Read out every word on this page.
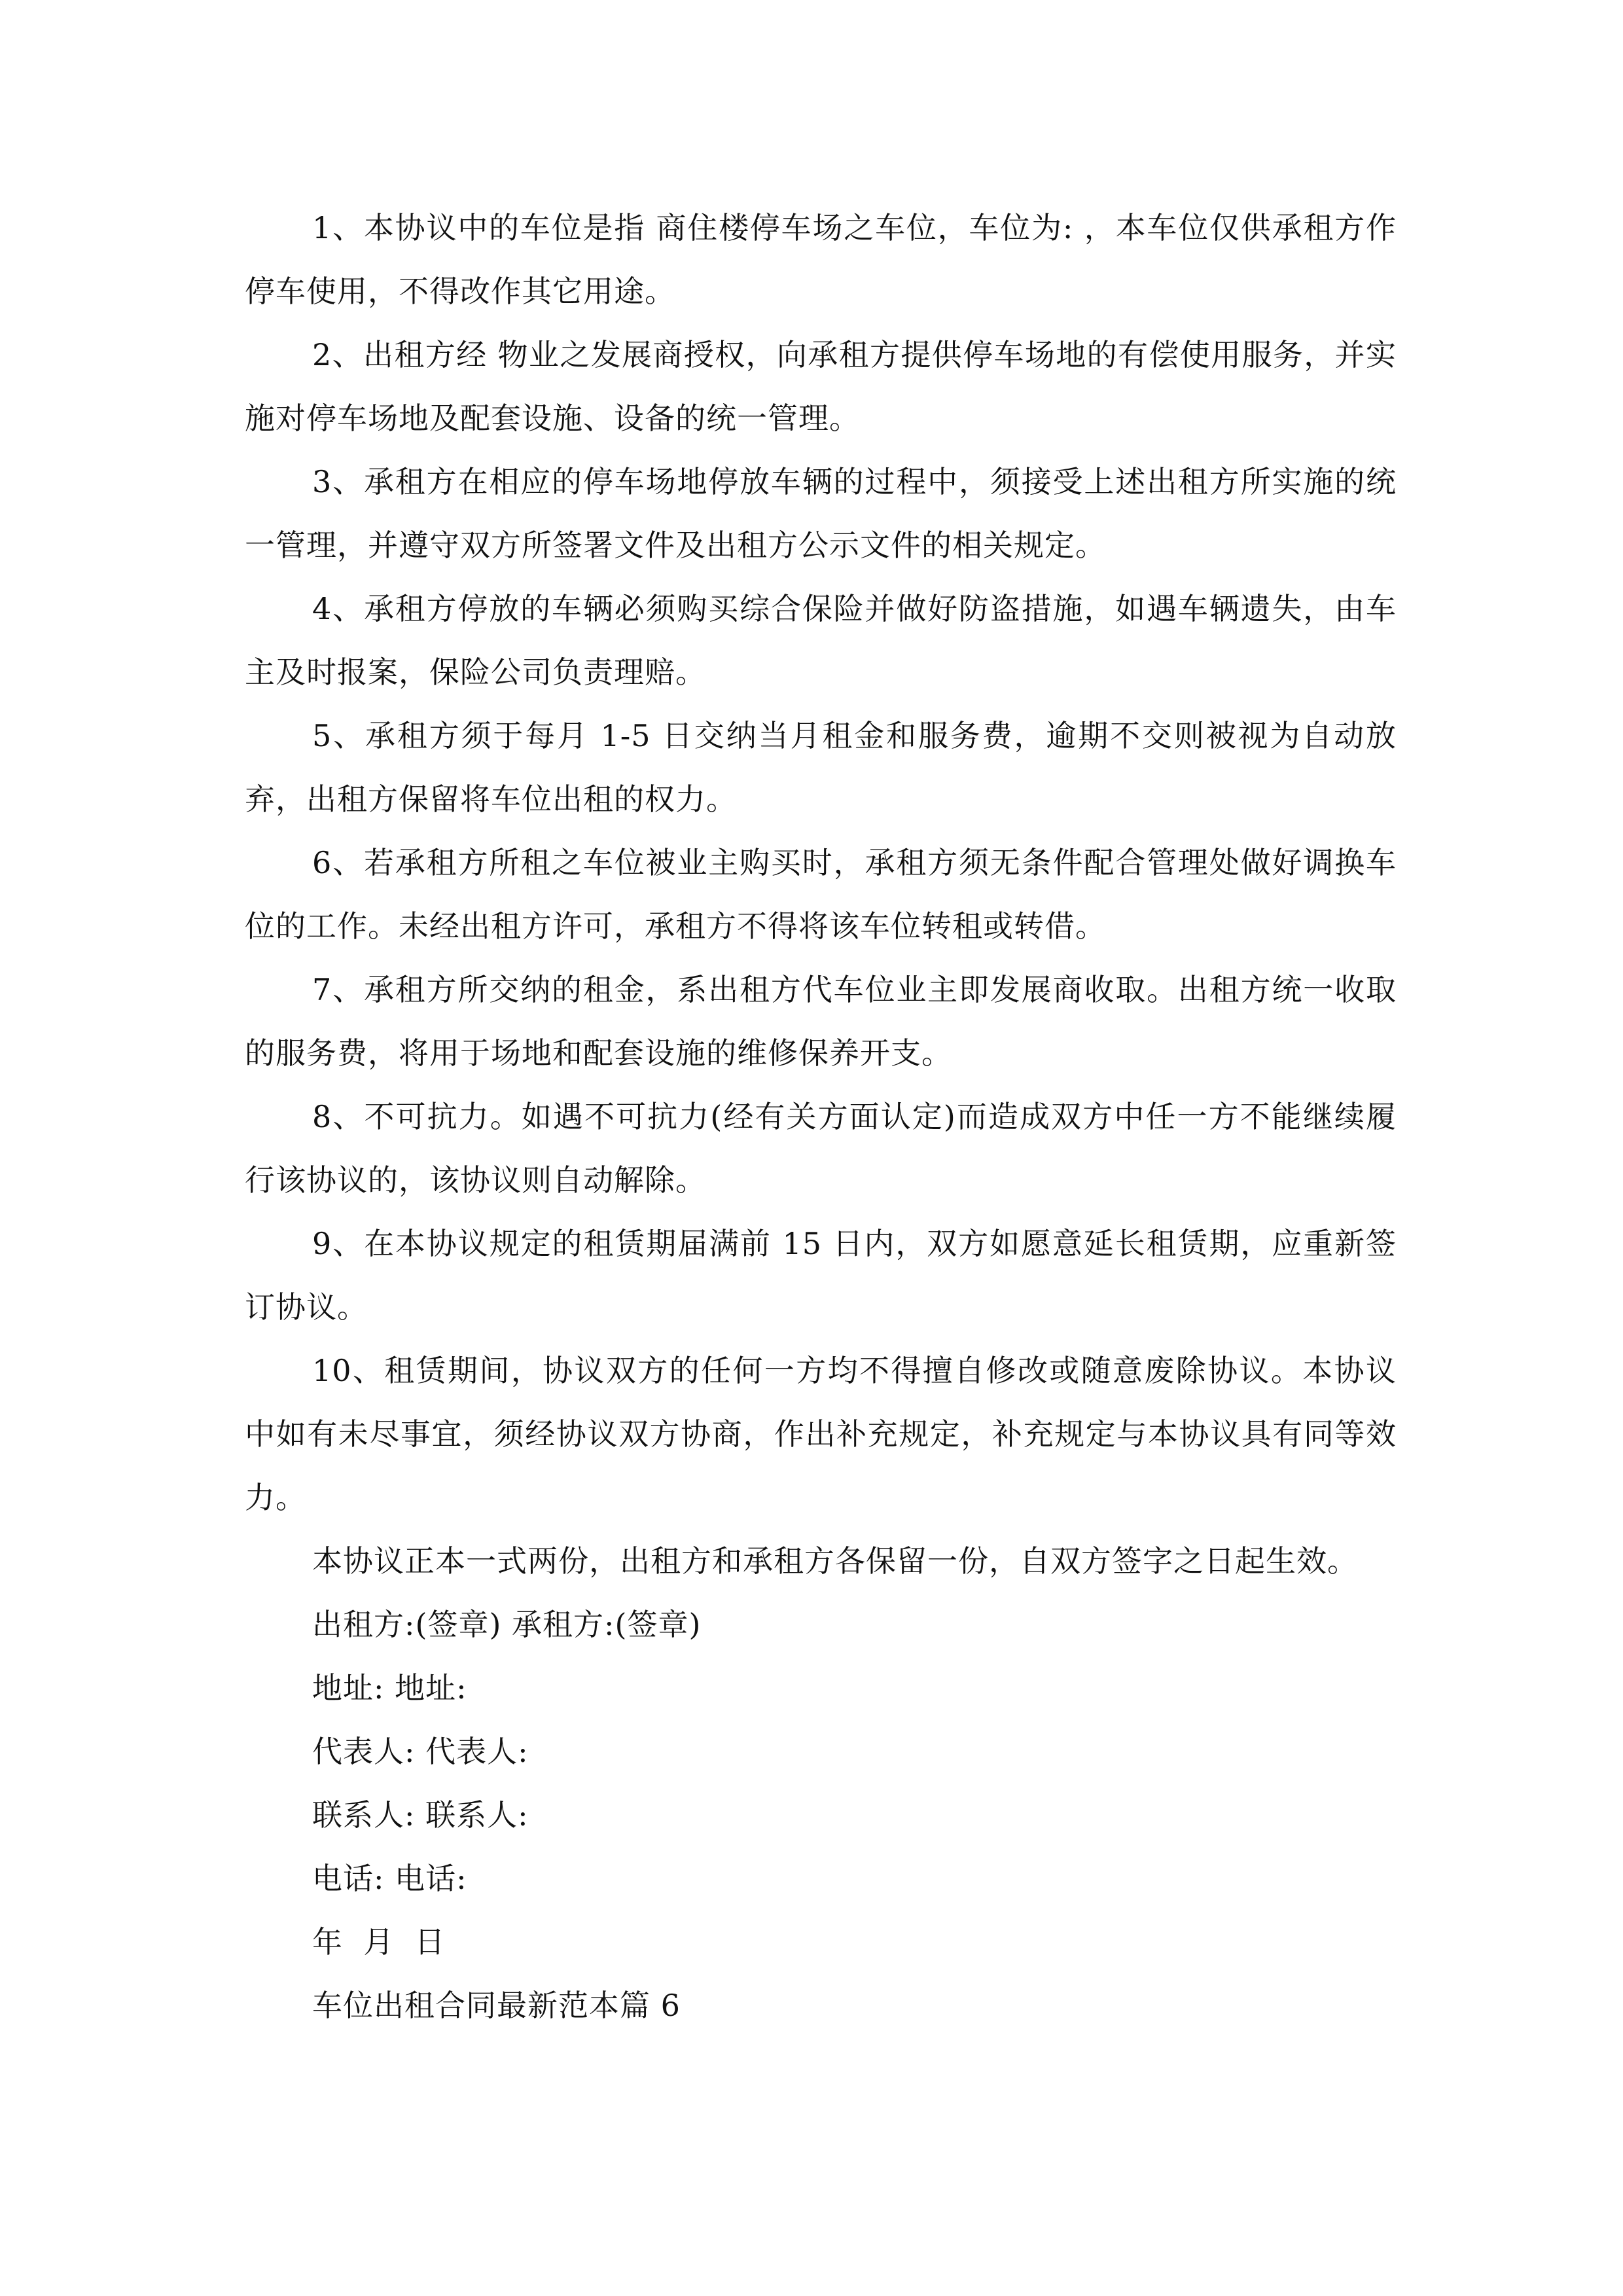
1、本协议中的车位是指 商住楼停车场之车位，车位为: ，本车位仅供承租方作停车使用，不得改作其它用途。

2、出租方经 物业之发展商授权，向承租方提供停车场地的有偿使用服务，并实施对停车场地及配套设施、设备的统一管理。

3、承租方在相应的停车场地停放车辆的过程中，须接受上述出租方所实施的统一管理，并遵守双方所签署文件及出租方公示文件的相关规定。

4、承租方停放的车辆必须购买综合保险并做好防盗措施，如遇车辆遗失，由车主及时报案，保险公司负责理赔。

5、承租方须于每月 1-5 日交纳当月租金和服务费，逾期不交则被视为自动放弃，出租方保留将车位出租的权力。

6、若承租方所租之车位被业主购买时，承租方须无条件配合管理处做好调换车位的工作。未经出租方许可，承租方不得将该车位转租或转借。

7、承租方所交纳的租金，系出租方代车位业主即发展商收取。出租方统一收取的服务费，将用于场地和配套设施的维修保养开支。

8、不可抗力。如遇不可抗力(经有关方面认定)而造成双方中任一方不能继续履行该协议的，该协议则自动解除。

9、在本协议规定的租赁期届满前 15 日内，双方如愿意延长租赁期，应重新签订协议。

10、租赁期间，协议双方的任何一方均不得擅自修改或随意废除协议。本协议中如有未尽事宜，须经协议双方协商，作出补充规定，补充规定与本协议具有同等效力。

本协议正本一式两份，出租方和承租方各保留一份，自双方签字之日起生效。

出租方:(签章) 承租方:(签章)

地址: 地址:

代表人: 代表人:

联系人: 联系人:

电话: 电话:

年  月  日

车位出租合同最新范本篇 6
